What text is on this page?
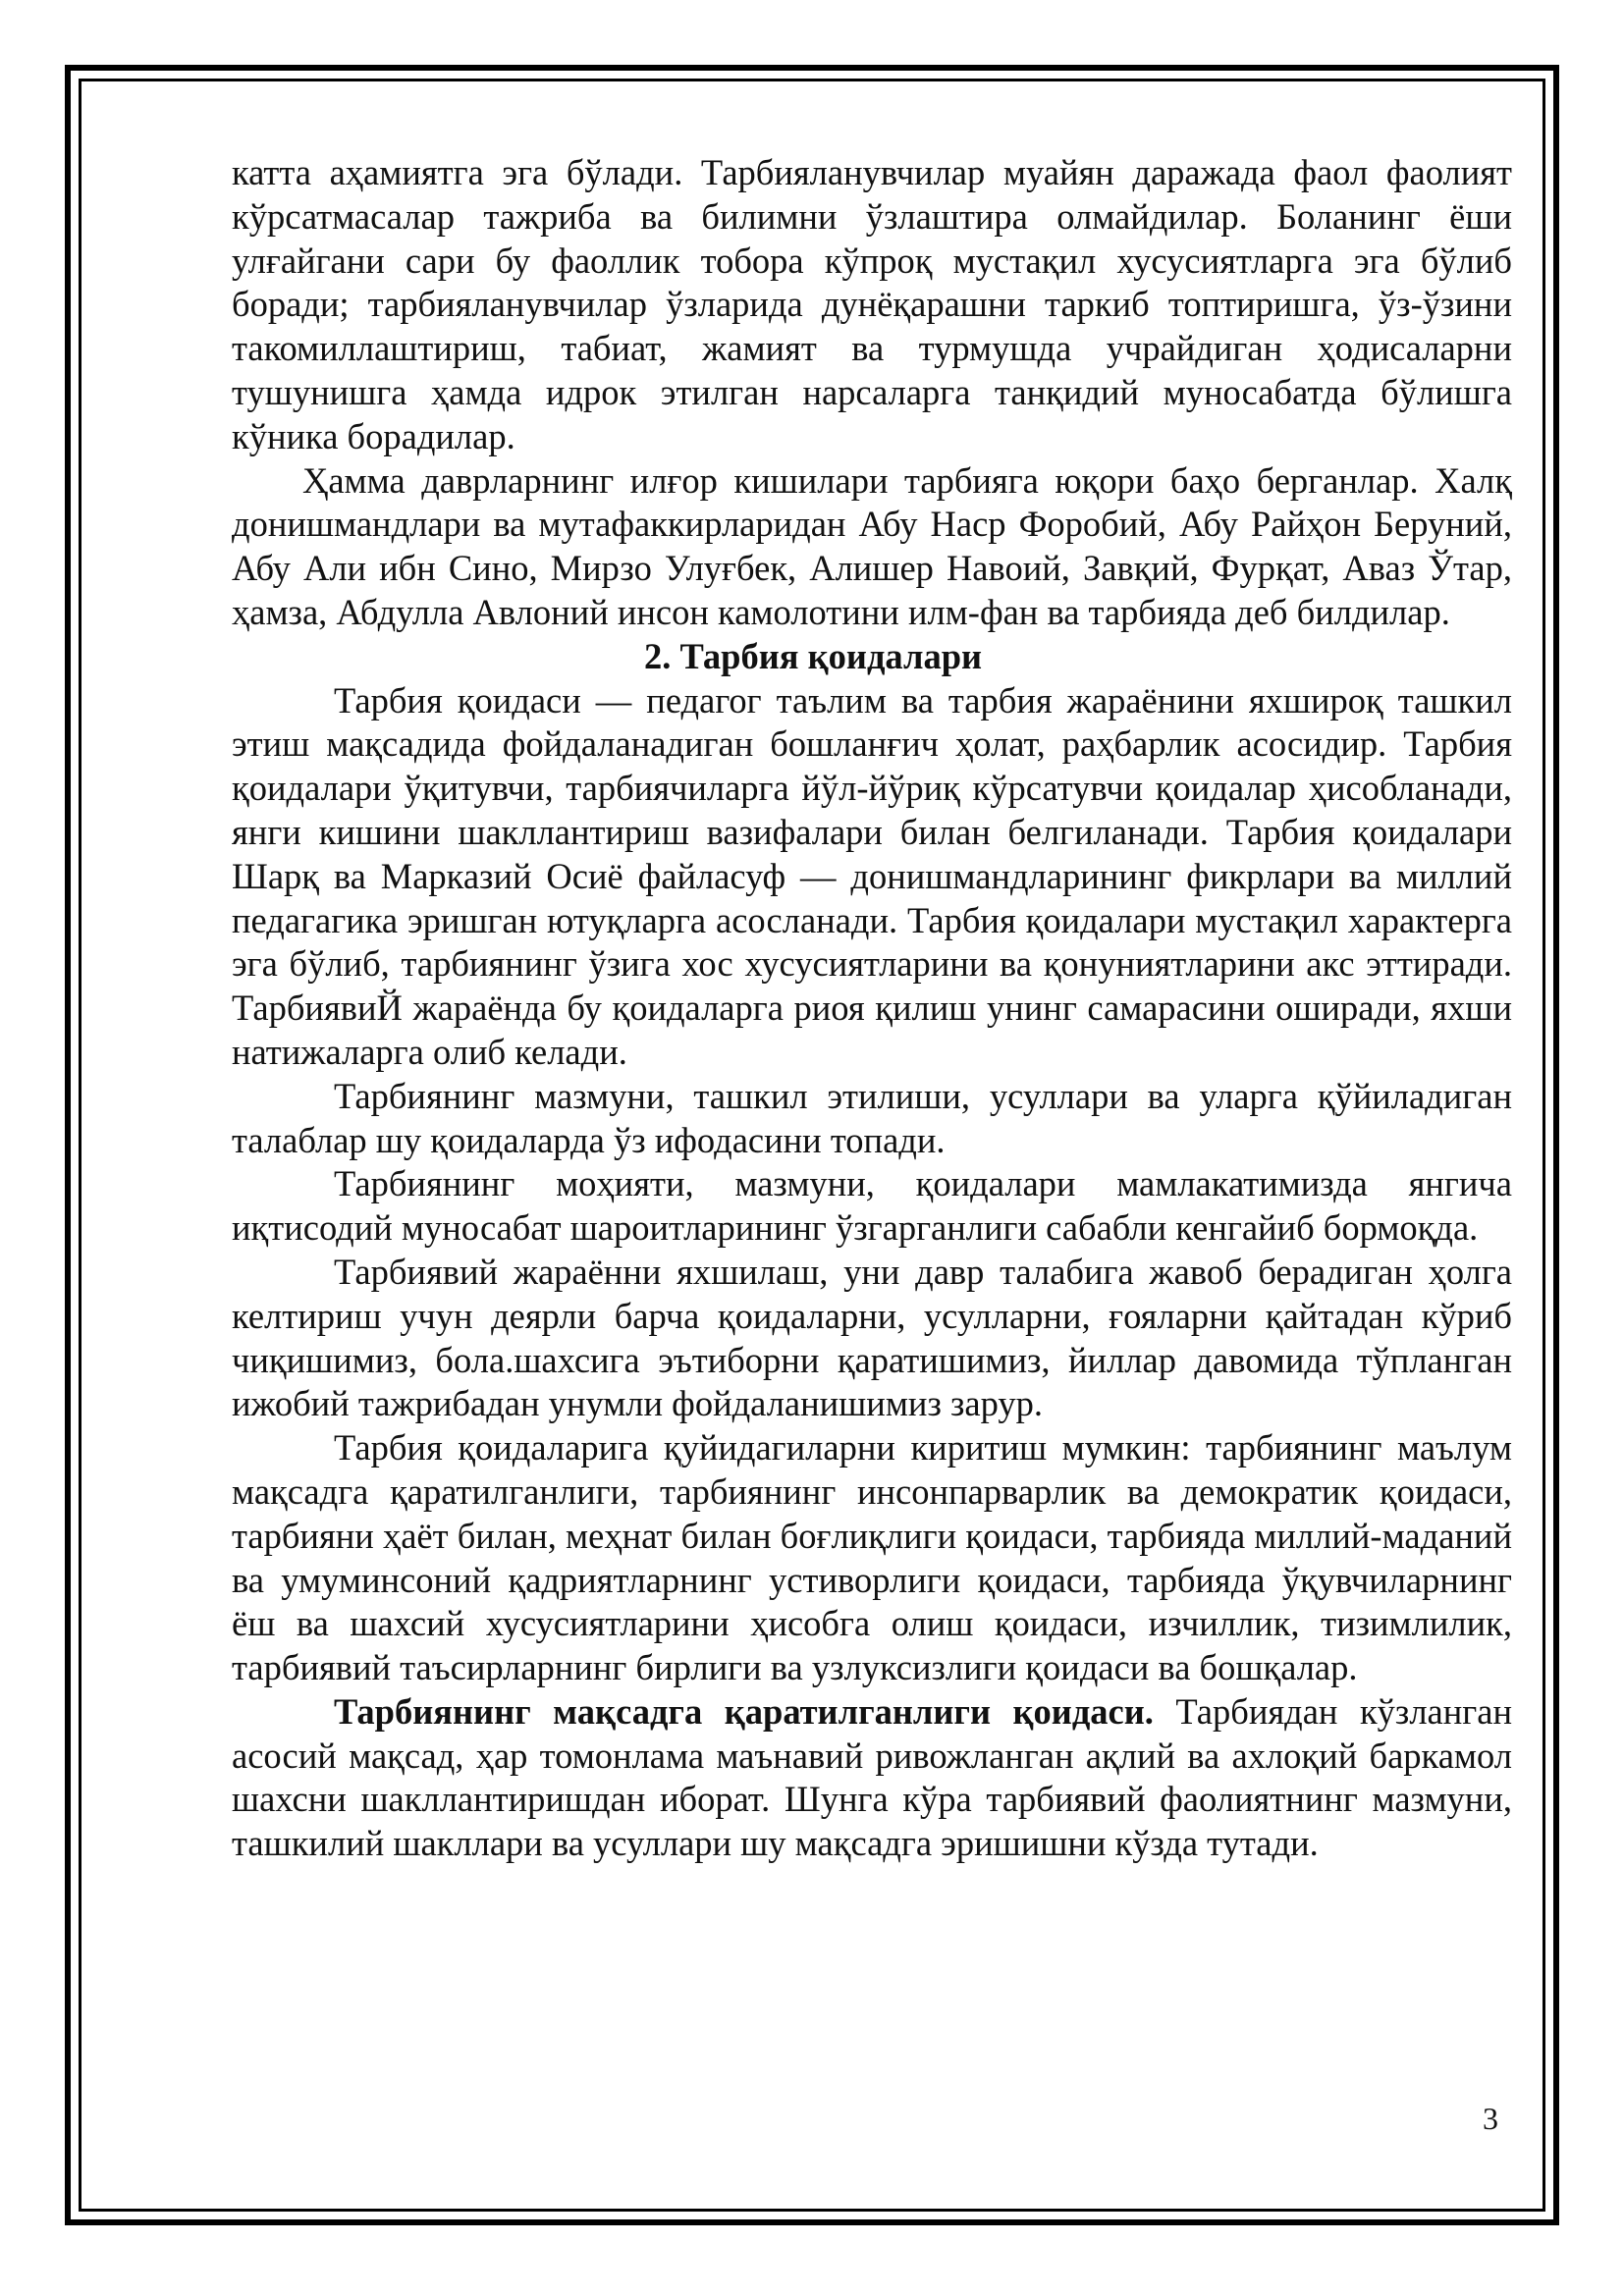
катта аҳамиятга эга бўлади. Тарбияланувчилар муайян даражада фаол фаолият кўрсатмасалар тажриба ва билимни ўзлаштира олмайдилар. Боланинг ёши улғайгани сари бу фаоллик тобора кўпроқ мустақил хусусиятларга эга бўлиб боради; тарбияланувчилар ўзларида дунёқарашни таркиб топтиришга, ўз-ўзини такомиллаштириш, табиат, жамият ва турмушда учрайдиган ҳодисаларни тушунишга ҳамда идрок этилган нарсаларга танқидий муносабатда бўлишга кўника борадилар.

Ҳамма даврларнинг илғор кишилари тарбияга юқори баҳо берганлар. Халқ донишмандлари ва мутафаккирларидан Абу Наср Форобий, Абу Райҳон Беруний, Абу Али ибн Сино, Мирзо Улуғбек, Алишер Навоий, Завқий, Фурқат, Аваз Ўтар, ҳамза, Абдулла Авлоний инсон камолотини илм-фан ва тарбияда деб билдилар.

2. Тарбия қоидалари

Тарбия қоидаси — педагог таълим ва тарбия жараёнини яхшироқ ташкил этиш мақсадида фойдаланадиган бошланғич ҳолат, раҳбарлик асосидир. Тарбия қоидалари ўқитувчи, тарбиячиларга йўл-йўриқ кўрсатувчи қоидалар ҳисобланади, янги кишини шакллантириш вазифалари билан белгиланади. Тарбия қоидалари Шарқ ва Марказий Осиё файласуф — донишмандларининг фикрлари ва миллий педагагика эришган ютуқларга асосланади. Тарбия қоидалари мустақил характерга эга бўлиб, тарбиянинг ўзига хос хусусиятларини ва қонуниятларини акс эттиради. ТарбиявиЙ жараёнда бу қоидаларга риоя қилиш унинг самарасини оширади, яхши натижаларга олиб келади.

Тарбиянинг мазмуни, ташкил этилиши, усуллари ва уларга қўйиладиган талаблар шу қоидаларда ўз ифодасини топади.

Тарбиянинг моҳияти, мазмуни, қоидалари мамлакатимизда янгича иқтисодий муносабат шароитларининг ўзгарганлиги сабабли кенгайиб бормоқда.

Тарбиявий жараённи яхшилаш, уни давр талабига жавоб берадиган ҳолга келтириш учун деярли барча қоидаларни, усулларни, ғояларни қайтадан кўриб чиқишимиз, бола.шахсига эътиборни қаратишимиз, йиллар давомида тўпланган ижобий тажрибадан унумли фойдаланишимиз зарур.

Тарбия қоидаларига қуйидагиларни киритиш мумкин: тарбиянинг маълум мақсадга қаратилганлиги, тарбиянинг инсонпарварлик ва демократик қоидаси, тарбияни ҳаёт билан, меҳнат билан боғлиқлиги қоидаси, тарбияда миллий-маданий ва умуминсоний қадриятларнинг устиворлиги қоидаси, тарбияда ўқувчиларнинг ёш ва шахсий хусусиятларини ҳисобга олиш қоидаси, изчиллик, тизимлилик, тарбиявий таъсирларнинг бирлиги ва узлуксизлиги қоидаси ва бошқалар.

Тарбиянинг мақсадга қаратилганлиги қоидаси. Тарбиядан кўзланган асосий мақсад, ҳар томонлама маънавий ривожланган ақлий ва ахлоқий баркамол шахсни шакллантиришдан иборат. Шунга кўра тарбиявий фаолиятнинг мазмуни, ташкилий шакллари ва усуллари шу мақсадга эришишни кўзда тутади.

3
